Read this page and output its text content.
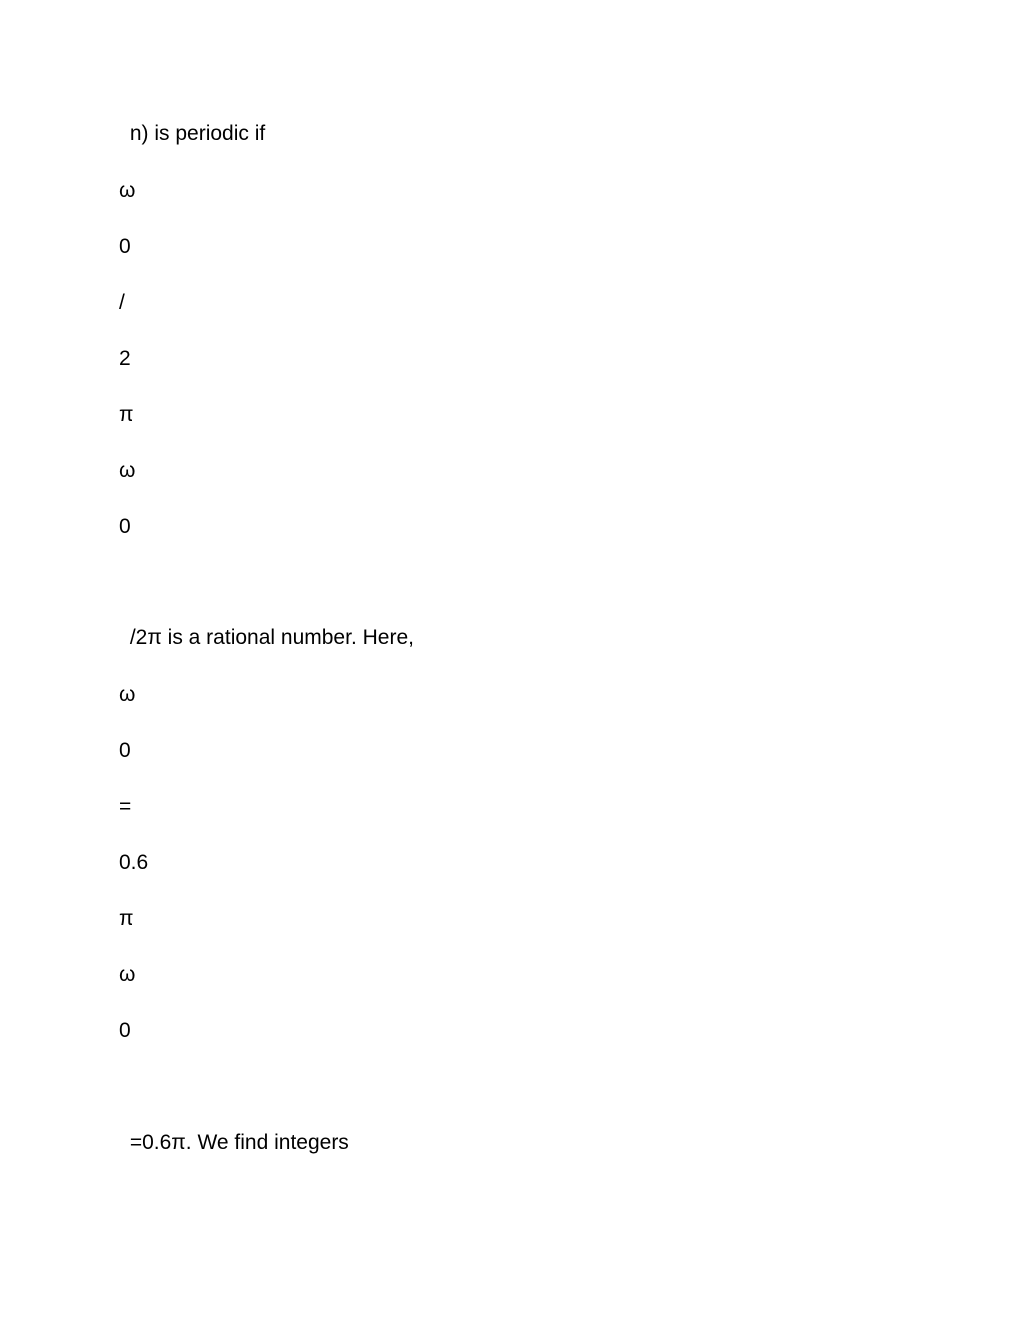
n) is periodic if
ω
0
/
2
π
ω
0
/2π is a rational number. Here,
ω
0
=
0.6
π
ω
0
=0.6π. We find integers
